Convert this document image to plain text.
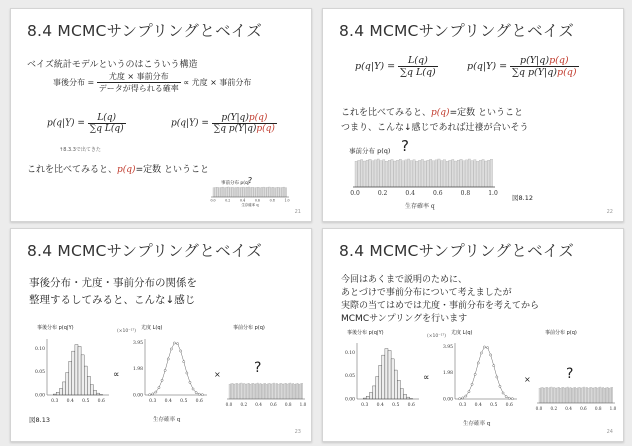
8.4 MCMCサンプリングとベイズ
ベイズ統計モデルというのはこういう構造
事後分布 = $\frac{\text{尤度 × 事前分布}}{\text{データが得られる確率}}$ ∝ 尤度 × 事前分布
$p(q|Y) = \frac{L(q)}{\text{∑q L(q)}}$	$p(q|Y) = \frac{p(Y|q)p(q)}{\text{∑q p(Y|q)p(q)}}$
↑8.3.3で出てきた
これを比べてみると、p(q)=定数 ということ
事前分布 p(q)
?
0.0	0.2	0.4	0.6	0.8	1.0
生存確率 q
21
8.4 MCMCサンプリングとベイズ
$p(q|Y) = \frac{L(q)}{\text{∑q L(q)}}$	$p(q|Y) = \frac{p(Y|q)p(q)}{\text{∑q p(Y|q)p(q)}}$
これを比べてみると、p(q)=定数 ということ
つまり、こんな↓感じであれば辻褄が合いそう
事前分布 p(q) ?
0.0	0.2	0.4	0.6	0.8	1.0
生存確率 q
図8.12
22
8.4 MCMCサンプリングとベイズ
事後分布・尤度・事前分布の関係を
整理するしてみると、こんな↓感じ
事後分布 p(q|Y)	尤度 L(q)
(×10⁻¹⁷)
事前分布 p(q)
0.10
0.05
0.00
0.3 0.4 0.5 0.6
∝
3.95
1.98
0.00
0.3 0.4 0.5 0.6
× ?
0.0 0.2 0.4 0.6 0.8 1.0
生存確率 q
図8.13
23
8.4 MCMCサンプリングとベイズ
今回はあくまで説明のために、
あとづけで事前分布について考えましたが
実際の当てはめでは尤度・事前分布を考えてから
MCMCサンプリングを行います
事後分布 p(q|Y)	尤度 L(q)
(×10⁻¹⁷)
事前分布 p(q)
0.10
0.05
0.00
0.3 0.4 0.5 0.6
∝
3.95
1.98
0.00
0.3 0.4 0.5 0.6
×	?
0.0 0.2 0.4 0.6 0.8 1.0
生存確率 q
24
